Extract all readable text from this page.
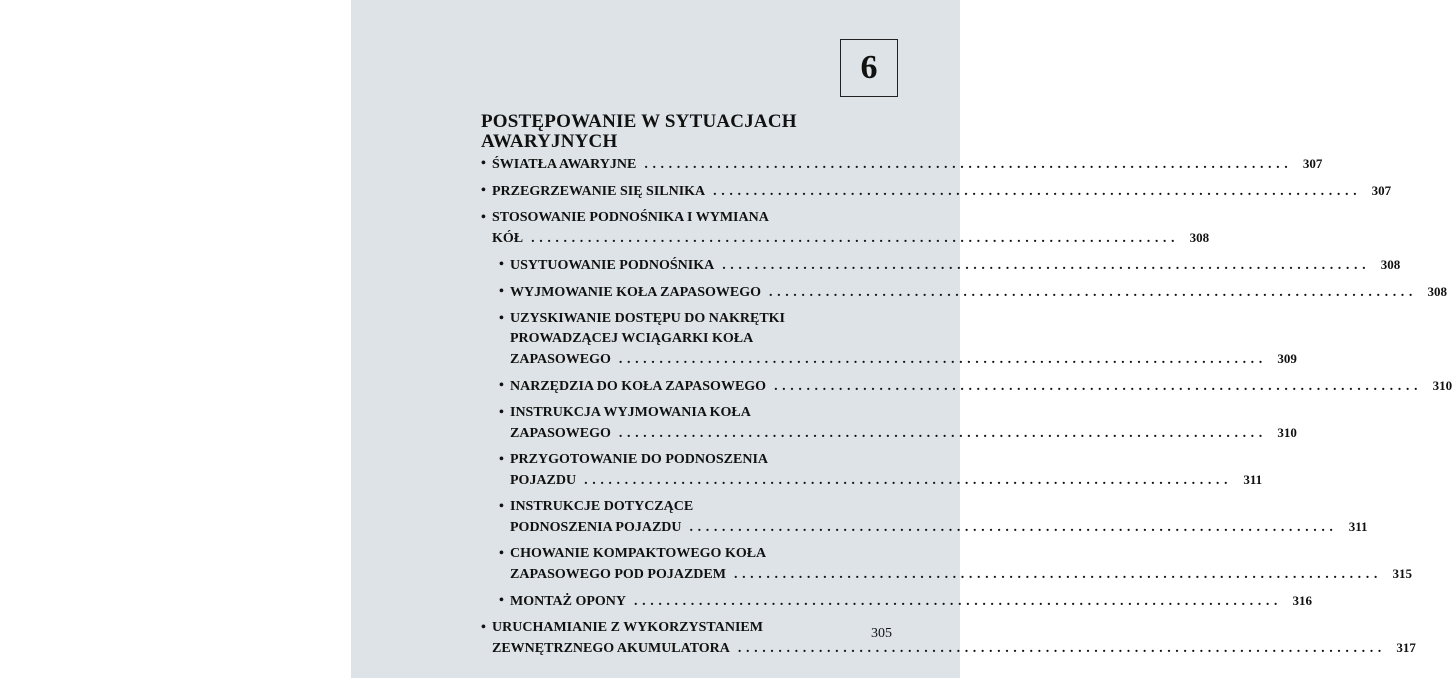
6
POSTĘPOWANIE W SYTUACJACH AWARYJNYCH
• ŚWIATŁA AWARYJNE ................................................................................ 307
• PRZEGRZEWANIE SIĘ SILNIKA ................................................................................ 307
• STOSOWANIE PODNOŚNIKA I WYMIANA
KÓŁ ................................................................................ 308
• USYTUOWANIE PODNOŚNIKA ................................................................................ 308
• WYJMOWANIE KOŁA ZAPASOWEGO ................................................................................ 308
• UZYSKIWANIE DOSTĘPU DO NAKRĘTKI
PROWADZĄCEJ WCIĄGARKI KOŁA
ZAPASOWEGO ................................................................................ 309
• NARZĘDZIA DO KOŁA ZAPASOWEGO ................................................................................ 310
• INSTRUKCJA WYJMOWANIA KOŁA
ZAPASOWEGO ................................................................................ 310
• PRZYGOTOWANIE DO PODNOSZENIA
POJAZDU ................................................................................ 311
• INSTRUKCJE DOTYCZĄCE
PODNOSZENIA POJAZDU ................................................................................ 311
• CHOWANIE KOMPAKTOWEGO KOŁA
ZAPASOWEGO POD POJAZDEM ................................................................................ 315
• MONTAŻ OPONY ................................................................................ 316
• URUCHAMIANIE Z WYKORZYSTANIEM
ZEWNĘTRZNEGO AKUMULATORA ................................................................................ 317
305
